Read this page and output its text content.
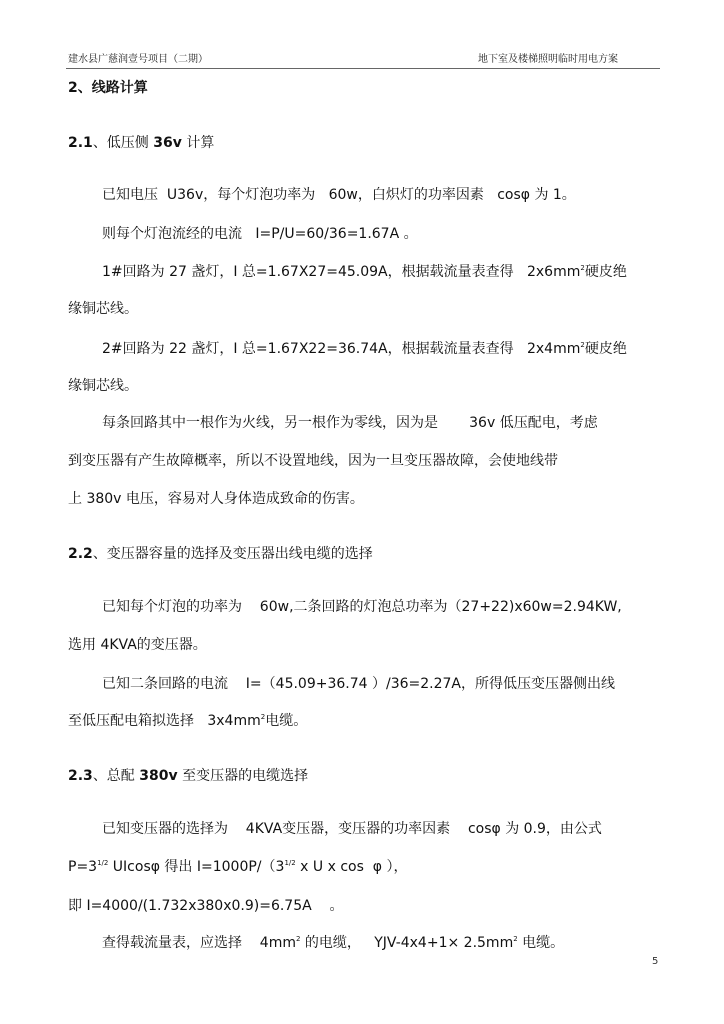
建水县广慈润壹号项目（二期）	地下室及楼梯照明临时用电方案
2、线路计算
2.1、低压侧 36v 计算
已知电压  U36v，每个灯泡功率为   60w，白炽灯的功率因素   cosφ 为 1。
则每个灯泡流经的电流   I=P/U=60/36=1.67A 。
1#回路为 27 盏灯，I 总=1.67X27=45.09A，根据载流量表查得   $2x6mm^2$硬皮绝
缘铜芯线。
2#回路为 22 盏灯，I 总=1.67X22=36.74A，根据载流量表查得   $2x4mm^2$硬皮绝
缘铜芯线。
每条回路其中一根作为火线，另一根作为零线，因为是       36v 低压配电，考虑
到变压器有产生故障概率，所以不设置地线，因为一旦变压器故障，会使地线带
上 380v 电压，容易对人身体造成致命的伤害。
2.2、变压器容量的选择及变压器出线电缆的选择
已知每个灯泡的功率为    60w,二条回路的灯泡总功率为（27+22)x60w=2.94KW,
选用 4KVA的变压器。
已知二条回路的电流    I=（45.09+36.74 ）/36=2.27A，所得低压变压器侧出线
至低压配电箱拟选择   $3x4mm^2$电缆。
2.3、总配 380v 至变压器的电缆选择
已知变压器的选择为    4KVA变压器，变压器的功率因素    cosφ 为 0.9，由公式
$P=3^{1/2}$ UIcosφ 得出 $I=1000P/(3^{1/2}$ x U x cos  φ ），
即 I=4000/(1.732x380x0.9)=6.75A    。
查得载流量表，应选择    $4mm^2$ 的电缆，   $YJV-4x4+1\times 2.5mm^2$ 电缆。
5
